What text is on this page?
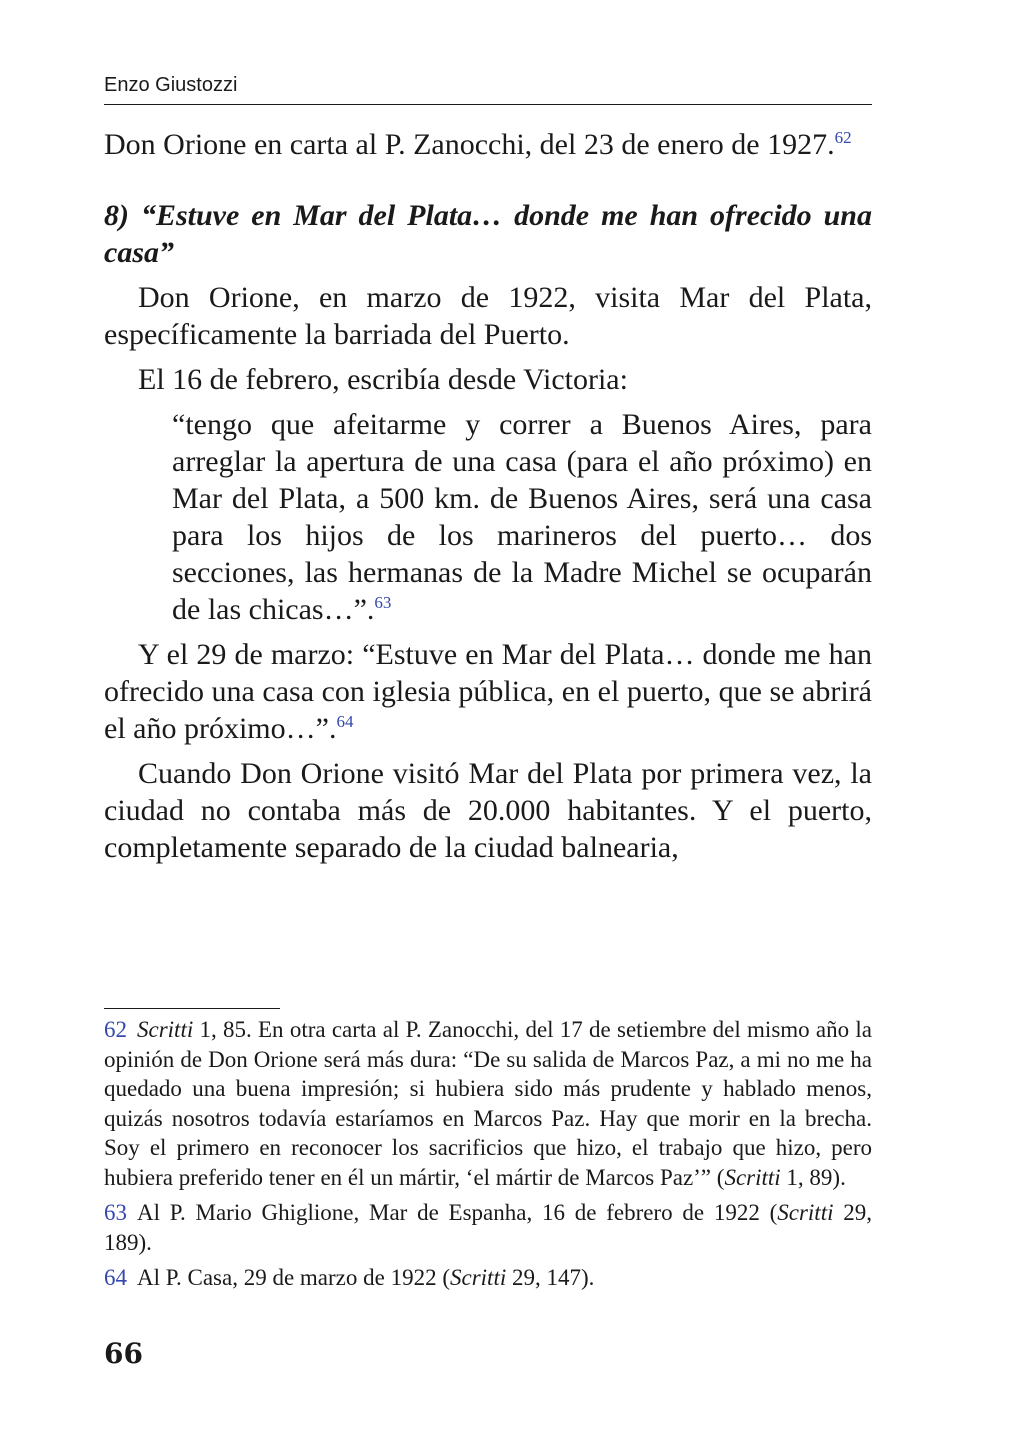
Enzo Giustozzi

Don Orione en carta al P. Zanocchi, del 23 de enero de 1927.62

8) “Estuve en Mar del Plata… donde me han ofrecido una casa”

Don Orione, en marzo de 1922, visita Mar del Plata, específicamente la barriada del Puerto.

El 16 de febrero, escribía desde Victoria:

“tengo que afeitarme y correr a Buenos Aires, para arreglar la apertura de una casa (para el año próximo) en Mar del Plata, a 500 km. de Buenos Aires, será una casa para los hijos de los marineros del puerto… dos secciones, las hermanas de la Madre Michel se ocuparán de las chicas…”.$^{63}$

Y el 29 de marzo: “Estuve en Mar del Plata… donde me han ofrecido una casa con iglesia pública, en el puerto, que se abrirá el año próximo…”.$^{64}$

Cuando Don Orione visitó Mar del Plata por primera vez, la ciudad no contaba más de 20.000 habitantes. Y el puerto, completamente separado de la ciudad balnearia,

62 Scritti 1, 85. En otra carta al P. Zanocchi, del 17 de setiembre del mismo año la opinión de Don Orione será más dura: “De su salida de Marcos Paz, a mi no me ha quedado una buena impresión; si hubiera sido más prudente y hablado menos, quizás nosotros todavía estaríamos en Marcos Paz. Hay que morir en la brecha. Soy el primero en reconocer los sacrificios que hizo, el trabajo que hizo, pero hubiera preferido tener en él un mártir, ‘el mártir de Marcos Paz’” (Scritti 1, 89).

63 Al P. Mario Ghiglione, Mar de Espanha, 16 de febrero de 1922 (Scritti 29, 189).

64 Al P. Casa, 29 de marzo de 1922 (Scritti 29, 147).

66
